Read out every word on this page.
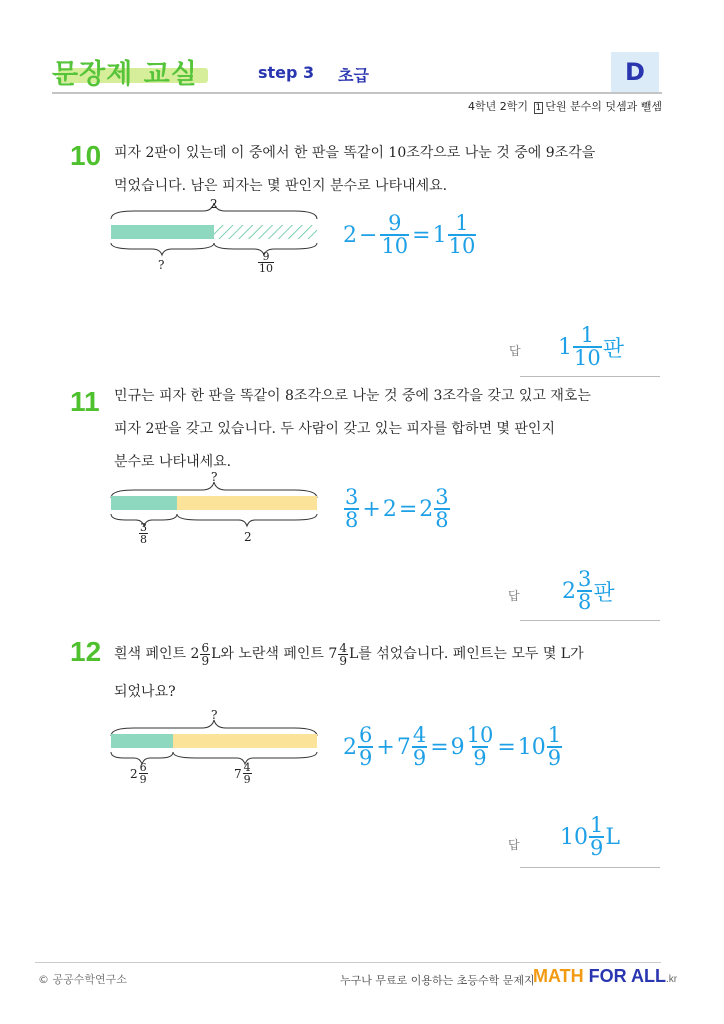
문장제 교실	step 3 초급	D
4학년 2학기 1 단원 분수의 덧셈과 뺄셈
10 피자 2판이 있는데 이 중에서 한 판을 똑같이 10조각으로 나눈 것 중에 9조각을
먹었습니다. 남은 피자는 몇 판인지 분수로 나타내세요.
2
?	$\frac{9}{10}$
$2 - \frac{9}{10} = 1 \frac{1}{10}$
답 $1 \frac{1}{10}$ 판
11 민규는 피자 한 판을 똑같이 8조각으로 나눈 것 중에 3조각을 갖고 있고 재호는
피자 2판을 갖고 있습니다. 두 사람이 갖고 있는 피자를 합하면 몇 판인지
분수로 나타내세요.
?
$\frac{3}{8}$	2
$\frac{3}{8} + 2 = 2 \frac{3}{8}$
답 $2 \frac{3}{8}$ 판
12 흰색 페인트 $2 \frac{6}{9}$ L와 노란색 페인트 $7 \frac{4}{9}$ L를 섞었습니다. 페인트는 모두 몇 L가
되었나요?
?
$2 \frac{6}{9}$	$7 \frac{4}{9}$
$2 \frac{6}{9} + 7 \frac{4}{9} = 9 \frac{10}{9} = 10 \frac{1}{9}$
답 $10 \frac{1}{9}$ L
© 공공수학연구소	누구나 무료로 이용하는 초등수학 문제지
MATH FOR ALL.kr
